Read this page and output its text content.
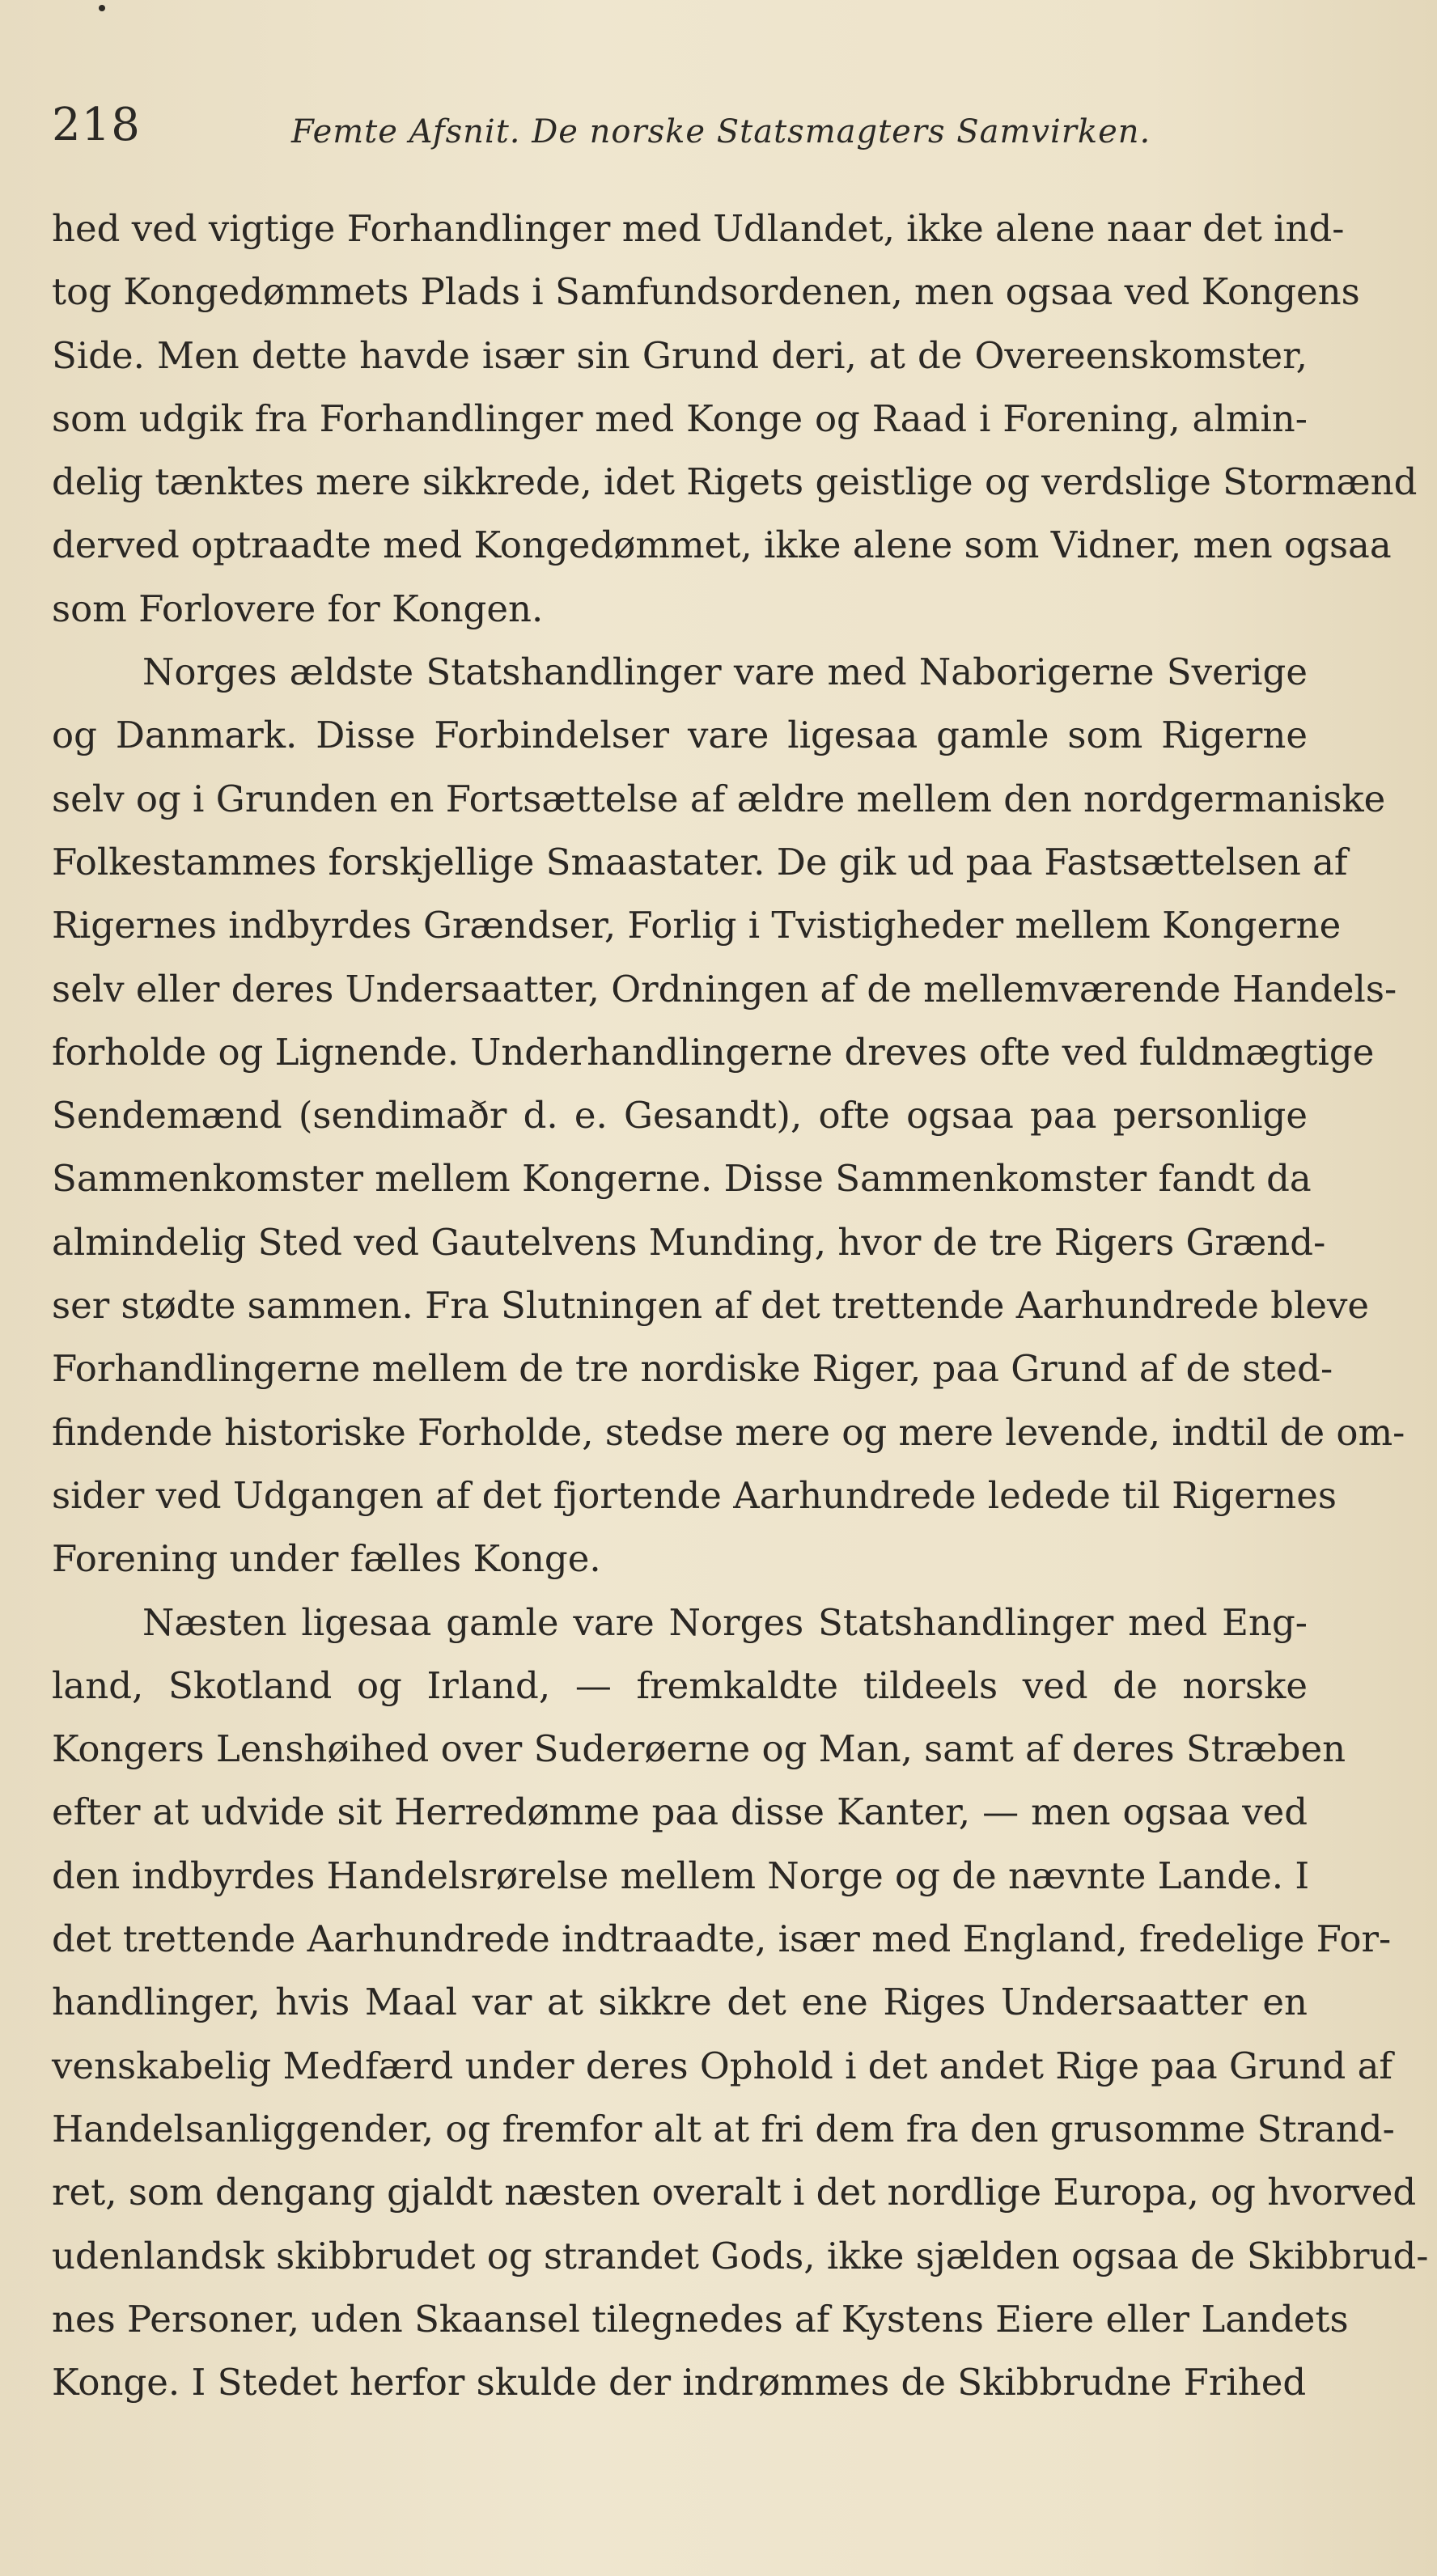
218	Femte Afsnit. De norske Statsmagters Samvirken.
hed ved vigtige Forhandlinger med Udlandet, ikke alene naar det ind-
tog Kongedømmets Plads i Samfundsordenen, men ogsaa ved Kongens
Side. Men dette havde især sin Grund deri, at de Overeenskomster,
som udgik fra Forhandlinger med Konge og Raad i Forening, almin-
delig tænktes mere sikkrede, idet Rigets geistlige og verdslige Stormænd
derved optraadte med Kongedømmet, ikke alene som Vidner, men ogsaa
som Forlovere for Kongen.
Norges ældste Statshandlinger vare med Naborigerne Sverige
og Danmark. Disse Forbindelser vare ligesaa gamle som Rigerne
selv og i Grunden en Fortsættelse af ældre mellem den nordgermaniske
Folkestammes forskjellige Smaastater. De gik ud paa Fastsættelsen af
Rigernes indbyrdes Grændser, Forlig i Tvistigheder mellem Kongerne
selv eller deres Undersaatter, Ordningen af de mellemværende Handels-
forholde og Lignende. Underhandlingerne dreves ofte ved fuldmægtige
Sendemænd (sendimaðr d. e. Gesandt), ofte ogsaa paa personlige
Sammenkomster mellem Kongerne. Disse Sammenkomster fandt da
almindelig Sted ved Gautelvens Munding, hvor de tre Rigers Grænd-
ser stødte sammen. Fra Slutningen af det trettende Aarhundrede bleve
Forhandlingerne mellem de tre nordiske Riger, paa Grund af de sted-
findende historiske Forholde, stedse mere og mere levende, indtil de om-
sider ved Udgangen af det fjortende Aarhundrede ledede til Rigernes
Forening under fælles Konge.
Næsten ligesaa gamle vare Norges Statshandlinger med Eng-
land, Skotland og Irland, — fremkaldte tildeels ved de norske
Kongers Lenshøihed over Suderøerne og Man, samt af deres Stræben
efter at udvide sit Herredømme paa disse Kanter, — men ogsaa ved
den indbyrdes Handelsrørelse mellem Norge og de nævnte Lande. I
det trettende Aarhundrede indtraadte, især med England, fredelige For-
handlinger, hvis Maal var at sikkre det ene Riges Undersaatter en
venskabelig Medfærd under deres Ophold i det andet Rige paa Grund af
Handelsanliggender, og fremfor alt at fri dem fra den grusomme Strand-
ret, som dengang gjaldt næsten overalt i det nordlige Europa, og hvorved
udenlandsk skibbrudet og strandet Gods, ikke sjælden ogsaa de Skibbrud-
nes Personer, uden Skaansel tilegnedes af Kystens Eiere eller Landets
Konge. I Stedet herfor skulde der indrømmes de Skibbrudne Frihed
